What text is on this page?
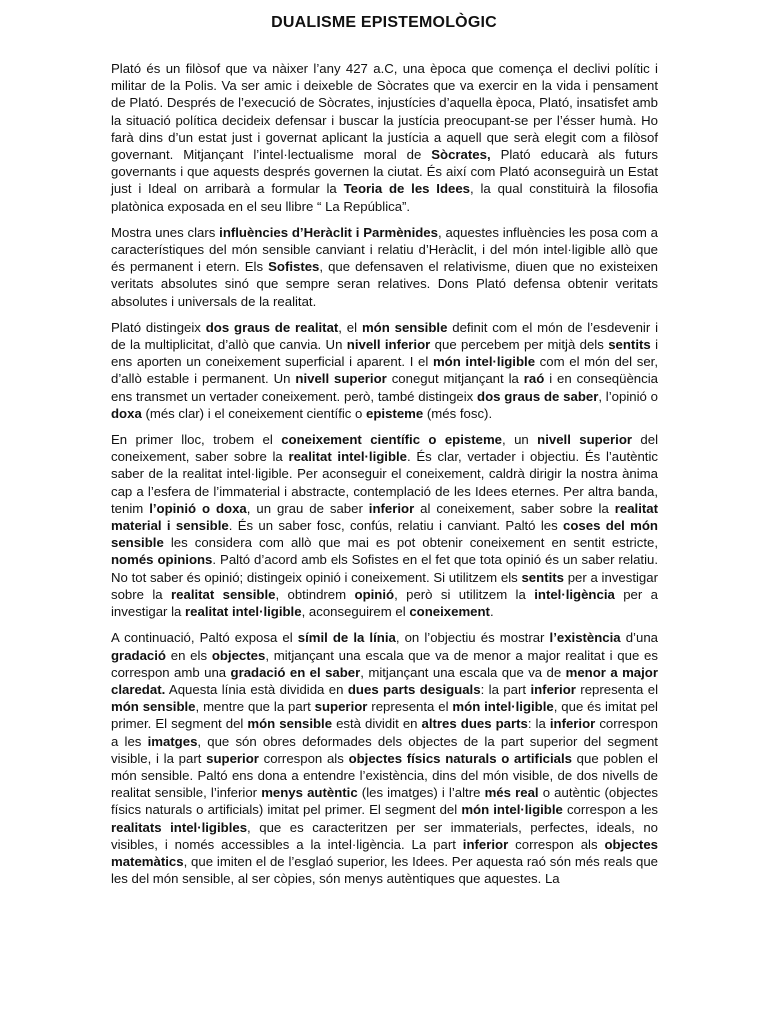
DUALISME EPISTEMOLÒGIC

Plató és un filòsof que va nàixer l’any 427 a.C, una època que comença el declivi polític i militar de la Polis. Va ser amic i deixeble de Sòcrates que va exercir en la vida i pensament de Plató. Després de l’execució de Sòcrates, injustícies d’aquella època, Plató, insatisfet amb la situació política decideix defensar i buscar la justícia preocupant-se per l’ésser humà. Ho farà dins d’un estat just i governat aplicant la justícia a aquell que serà elegit com a filòsof governant. Mitjançant l’intel·lectualisme moral de Sòcrates, Plató educarà als futurs governants i que aquests després governen la ciutat. És així com Plató aconseguirà un Estat just i Ideal on arribarà a formular la Teoria de les Idees, la qual constituirà la filosofia platònica exposada en el seu llibre “ La República”.

Mostra unes clars influències d’Heràclit i Parmènides, aquestes influències les posa com a característiques del món sensible canviant i relatiu d’Heràclit, i del món intel·ligible allò que és permanent i etern. Els Sofistes, que defensaven el relativisme, diuen que no existeixen veritats absolutes sinó que sempre seran relatives. Dons Plató defensa obtenir veritats absolutes i universals de la realitat.

Plató distingeix dos graus de realitat, el món sensible definit com el món de l’esdevenir i de la multiplicitat, d’allò que canvia. Un nivell inferior que percebem per mitjà dels sentits i ens aporten un coneixement superficial i aparent. I el món intel·ligible com el món del ser, d’allò estable i permanent. Un nivell superior conegut mitjançant la raó i en conseqüència ens transmet un vertader coneixement. però, també distingeix dos graus de saber, l’opinió o doxa (més clar) i el coneixement científic o episteme (més fosc).

En primer lloc, trobem el coneixement científic o episteme, un nivell superior del coneixement, saber sobre la realitat intel·ligible. És clar, vertader i objectiu. És l’autèntic saber de la realitat intel·ligible. Per aconseguir el coneixement, caldrà dirigir la nostra ànima cap a l’esfera de l’immaterial i abstracte, contemplació de les Idees eternes. Per altra banda, tenim l’opinió o doxa, un grau de saber inferior al coneixement, saber sobre la realitat material i sensible. És un saber fosc, confús, relatiu i canviant. Paltó les coses del món sensible les considera com allò que mai es pot obtenir coneixement en sentit estricte, només opinions. Paltó d’acord amb els Sofistes en el fet que tota opinió és un saber relatiu. No tot saber és opinió; distingeix opinió i coneixement. Si utilitzem els sentits per a investigar sobre la realitat sensible, obtindrem opinió, però si utilitzem la intel·ligència per a investigar la realitat intel·ligible, aconseguirem el coneixement.

A continuació, Paltó exposa el símil de la línia, on l’objectiu és mostrar l’existència d’una gradació en els objectes, mitjançant una escala que va de menor a major realitat i que es correspon amb una gradació en el saber, mitjançant una escala que va de menor a major claredat. Aquesta línia està dividida en dues parts desiguals: la part inferior representa el món sensible, mentre que la part superior representa el món intel·ligible, que és imitat pel primer. El segment del món sensible està dividit en altres dues parts: la inferior correspon a les imatges, que són obres deformades dels objectes de la part superior del segment visible, i la part superior correspon als objectes físics naturals o artificials que poblen el món sensible. Paltó ens dona a entendre l’existència, dins del món visible, de dos nivells de realitat sensible, l’inferior menys autèntic (les imatges) i l’altre més real o autèntic (objectes físics naturals o artificials) imitat pel primer. El segment del món intel·ligible correspon a les realitats intel·ligibles, que es caracteritzen per ser immaterials, perfectes, ideals, no visibles, i només accessibles a la intel·ligència. La part inferior correspon als objectes matemàtics, que imiten el de l’esglaó superior, les Idees. Per aquesta raó són més reals que les del món sensible, al ser còpies, són menys autèntiques que aquestes. La
